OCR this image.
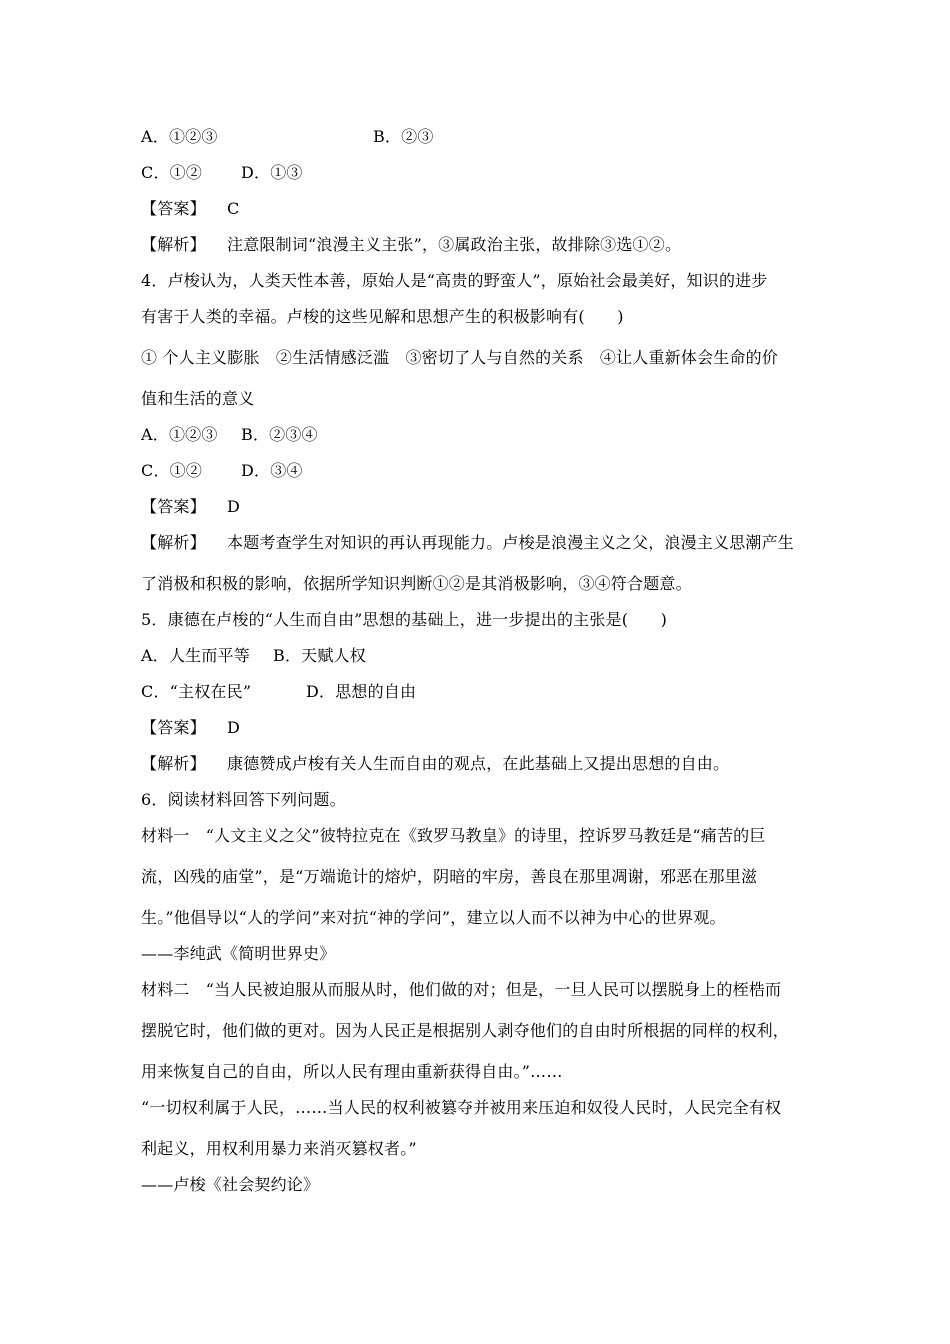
A．①②③	B．②③
C．①② D．①③
【答案】 C
【解析】 注意限制词“浪漫主义主张”，③属政治主张，故排除③选①②。
4．卢梭认为，人类天性本善，原始人是“高贵的野蛮人”，原始社会最美好，知识的进步
有害于人类的幸福。卢梭的这些见解和思想产生的积极影响有(　　)
① 个人主义膨胀　②生活情感泛滥　③密切了人与自然的关系　④让人重新体会生命的价
值和生活的意义
A．①②③ B．②③④
C．①② D．③④
【答案】 D
【解析】 本题考查学生对知识的再认再现能力。卢梭是浪漫主义之父，浪漫主义思潮产生
了消极和积极的影响，依据所学知识判断①②是其消极影响，③④符合题意。
5．康德在卢梭的“人生而自由”思想的基础上，进一步提出的主张是(　　)
A．人生而平等 B．天赋人权
C．“主权在民”	D．思想的自由
【答案】 D
【解析】 康德赞成卢梭有关人生而自由的观点，在此基础上又提出思想的自由。
6．阅读材料回答下列问题。
材料一　“人文主义之父”彼特拉克在《致罗马教皇》的诗里，控诉罗马教廷是“痛苦的巨
流，凶残的庙堂”，是“万端诡计的熔炉，阴暗的牢房，善良在那里凋谢，邪恶在那里滋
生。”他倡导以“人的学问”来对抗“神的学问”，建立以人而不以神为中心的世界观。
——李纯武《简明世界史》
材料二　“当人民被迫服从而服从时，他们做的对；但是，一旦人民可以摆脱身上的桎梏而
摆脱它时，他们做的更对。因为人民正是根据别人剥夺他们的自由时所根据的同样的权利，
用来恢复自己的自由，所以人民有理由重新获得自由。”……
“一切权利属于人民，……当人民的权利被篡夺并被用来压迫和奴役人民时，人民完全有权
利起义，用权利用暴力来消灭篡权者。”
——卢梭《社会契约论》
